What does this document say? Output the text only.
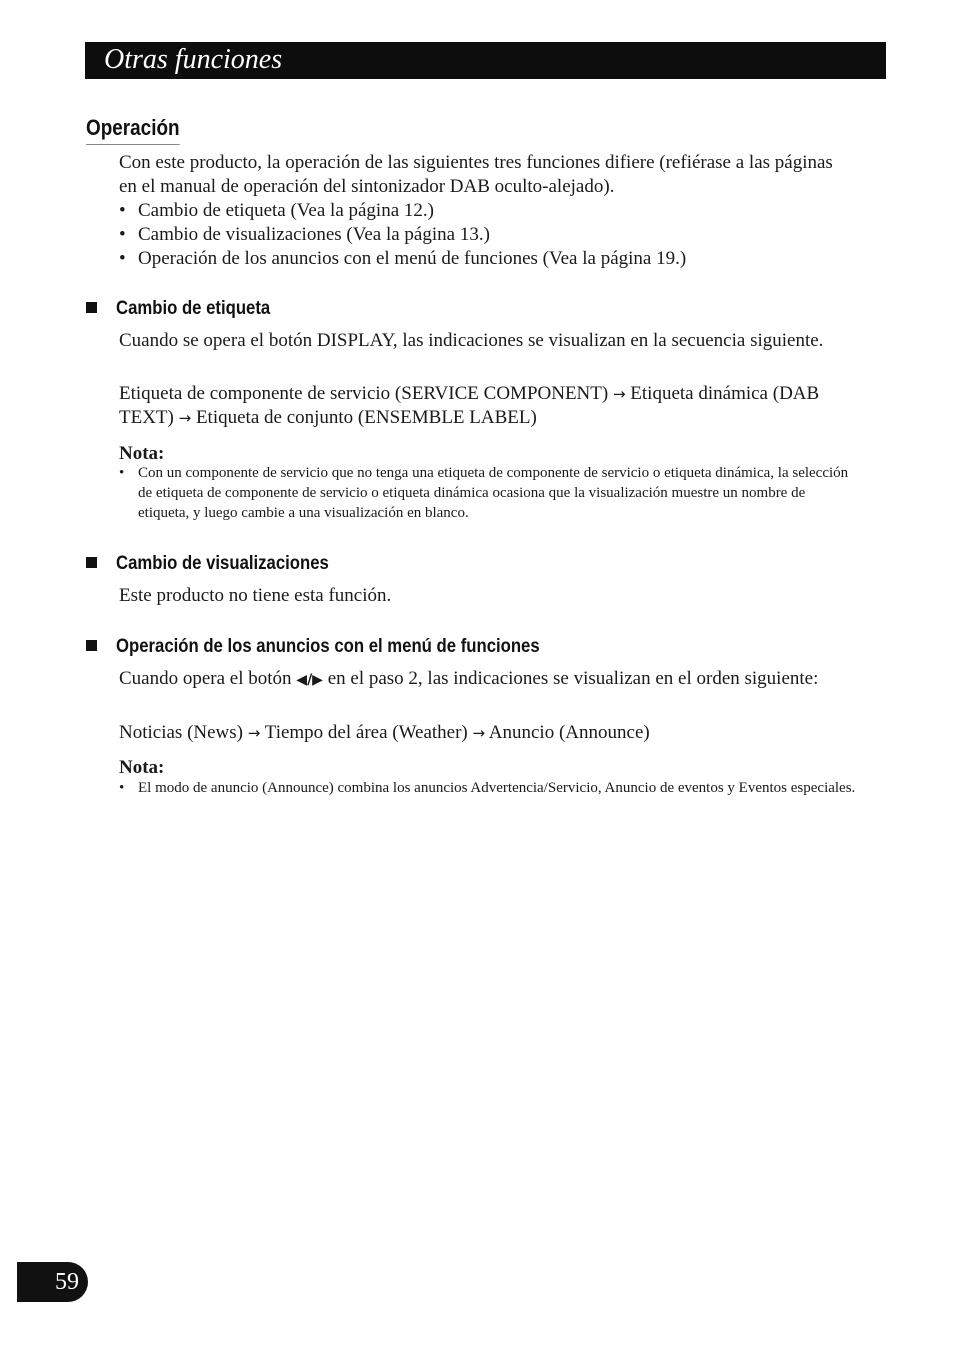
Otras funciones
Operación

Con este producto, la operación de las siguientes tres funciones difiere (refiérase a las páginas en el manual de operación del sintonizador DAB oculto-alejado).

• Cambio de etiqueta (Vea la página 12.)
• Cambio de visualizaciones (Vea la página 13.)
• Operación de los anuncios con el menú de funciones (Vea la página 19.)
Cambio de etiqueta

Cuando se opera el botón DISPLAY, las indicaciones se visualizan en la secuencia siguiente.

Etiqueta de componente de servicio (SERVICE COMPONENT) → Etiqueta dinámica (DAB TEXT) → Etiqueta de conjunto (ENSEMBLE LABEL)

Nota:

• Con un componente de servicio que no tenga una etiqueta de componente de servicio o etiqueta dinámica, la selección de etiqueta de componente de servicio o etiqueta dinámica ocasiona que la visualización muestre un nombre de etiqueta, y luego cambie a una visualización en blanco.

Cambio de visualizaciones

Este producto no tiene esta función.

Operación de los anuncios con el menú de funciones

Cuando opera el botón ◀/▶ en el paso 2, las indicaciones se visualizan en el orden siguiente:

Noticias (News) → Tiempo del área (Weather) → Anuncio (Announce)

Nota:

• El modo de anuncio (Announce) combina los anuncios Advertencia/Servicio, Anuncio de eventos y Eventos especiales.

59
